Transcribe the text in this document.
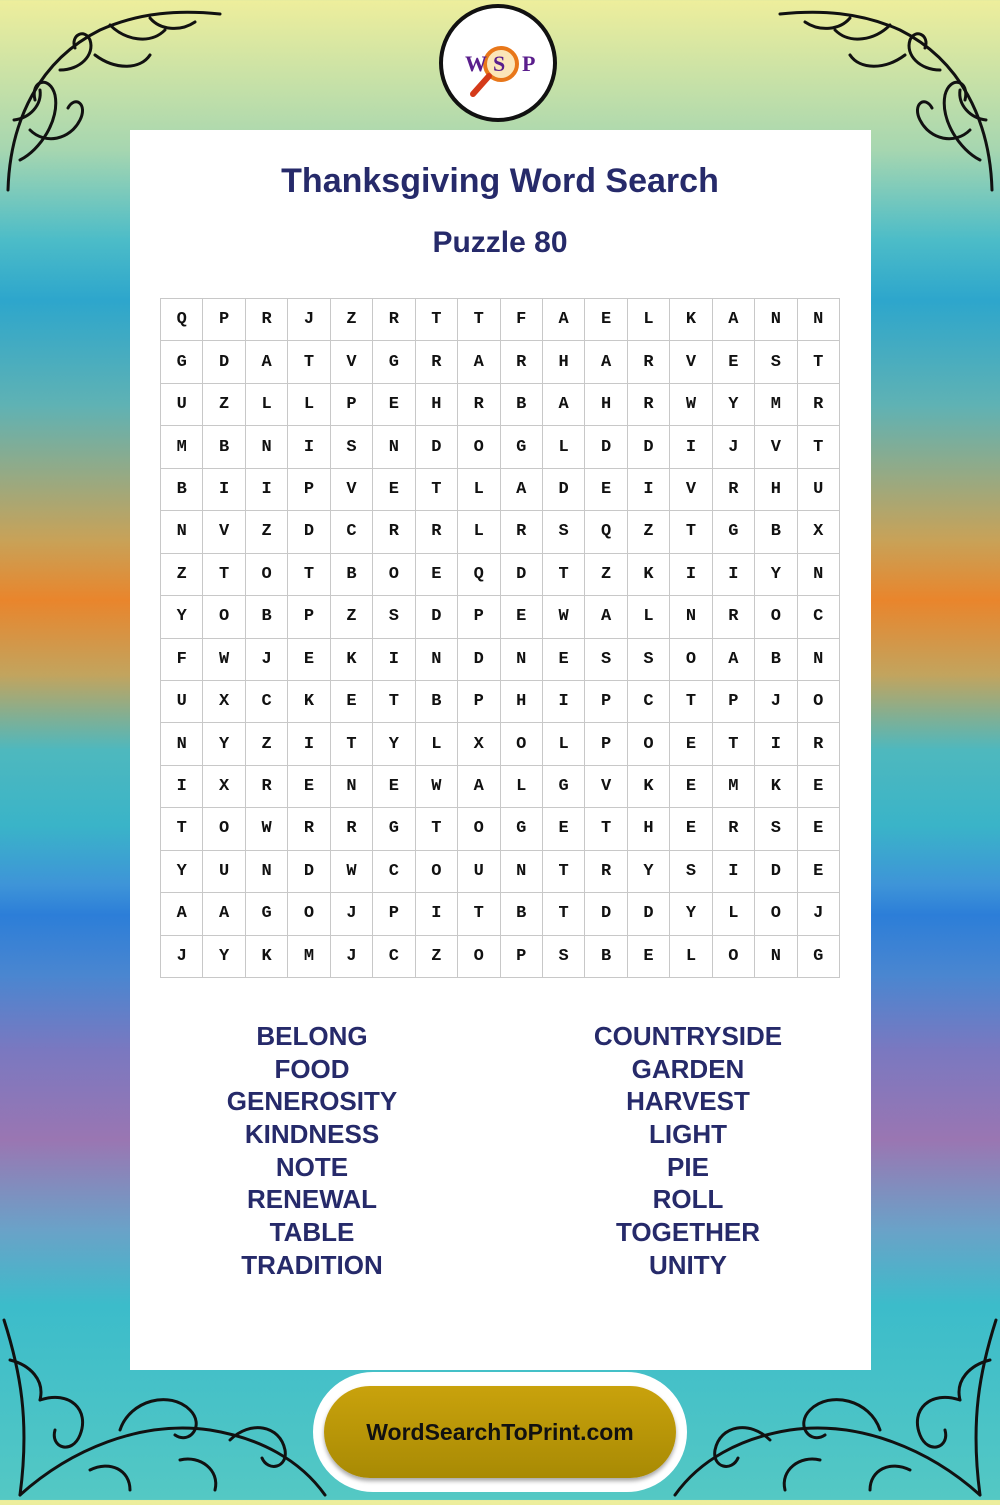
W S P
Thanksgiving Word Search
Puzzle 80
Q	P	R	J	Z	R	T	T	F	A	E	L	K	A	N	N
G	D	A	T	V	G	R	A	R	H	A	R	V	E	S	T
U	Z	L	L	P	E	H	R	B	A	H	R	W	Y	M	R
M	B	N	I	S	N	D	O	G	L	D	D	I	J	V	T
B	I	I	P	V	E	T	L	A	D	E	I	V	R	H	U
N	V	Z	D	C	R	R	L	R	S	Q	Z	T	G	B	X
Z	T	O	T	B	O	E	Q	D	T	Z	K	I	I	Y	N
Y	O	B	P	Z	S	D	P	E	W	A	L	N	R	O	C
F	W	J	E	K	I	N	D	N	E	S	S	O	A	B	N
U	X	C	K	E	T	B	P	H	I	P	C	T	P	J	O
N	Y	Z	I	T	Y	L	X	O	L	P	O	E	T	I	R
I	X	R	E	N	E	W	A	L	G	V	K	E	M	K	E
T	O	W	R	R	G	T	O	G	E	T	H	E	R	S	E
Y	U	N	D	W	C	O	U	N	T	R	Y	S	I	D	E
A	A	G	O	J	P	I	T	B	T	D	D	Y	L	O	J
J	Y	K	M	J	C	Z	O	P	S	B	E	L	O	N	G
BELONG
FOOD
GENEROSITY
KINDNESS
NOTE
RENEWAL
TABLE
TRADITION
COUNTRYSIDE
GARDEN
HARVEST
LIGHT
PIE
ROLL
TOGETHER
UNITY
WordSearchToPrint.com
